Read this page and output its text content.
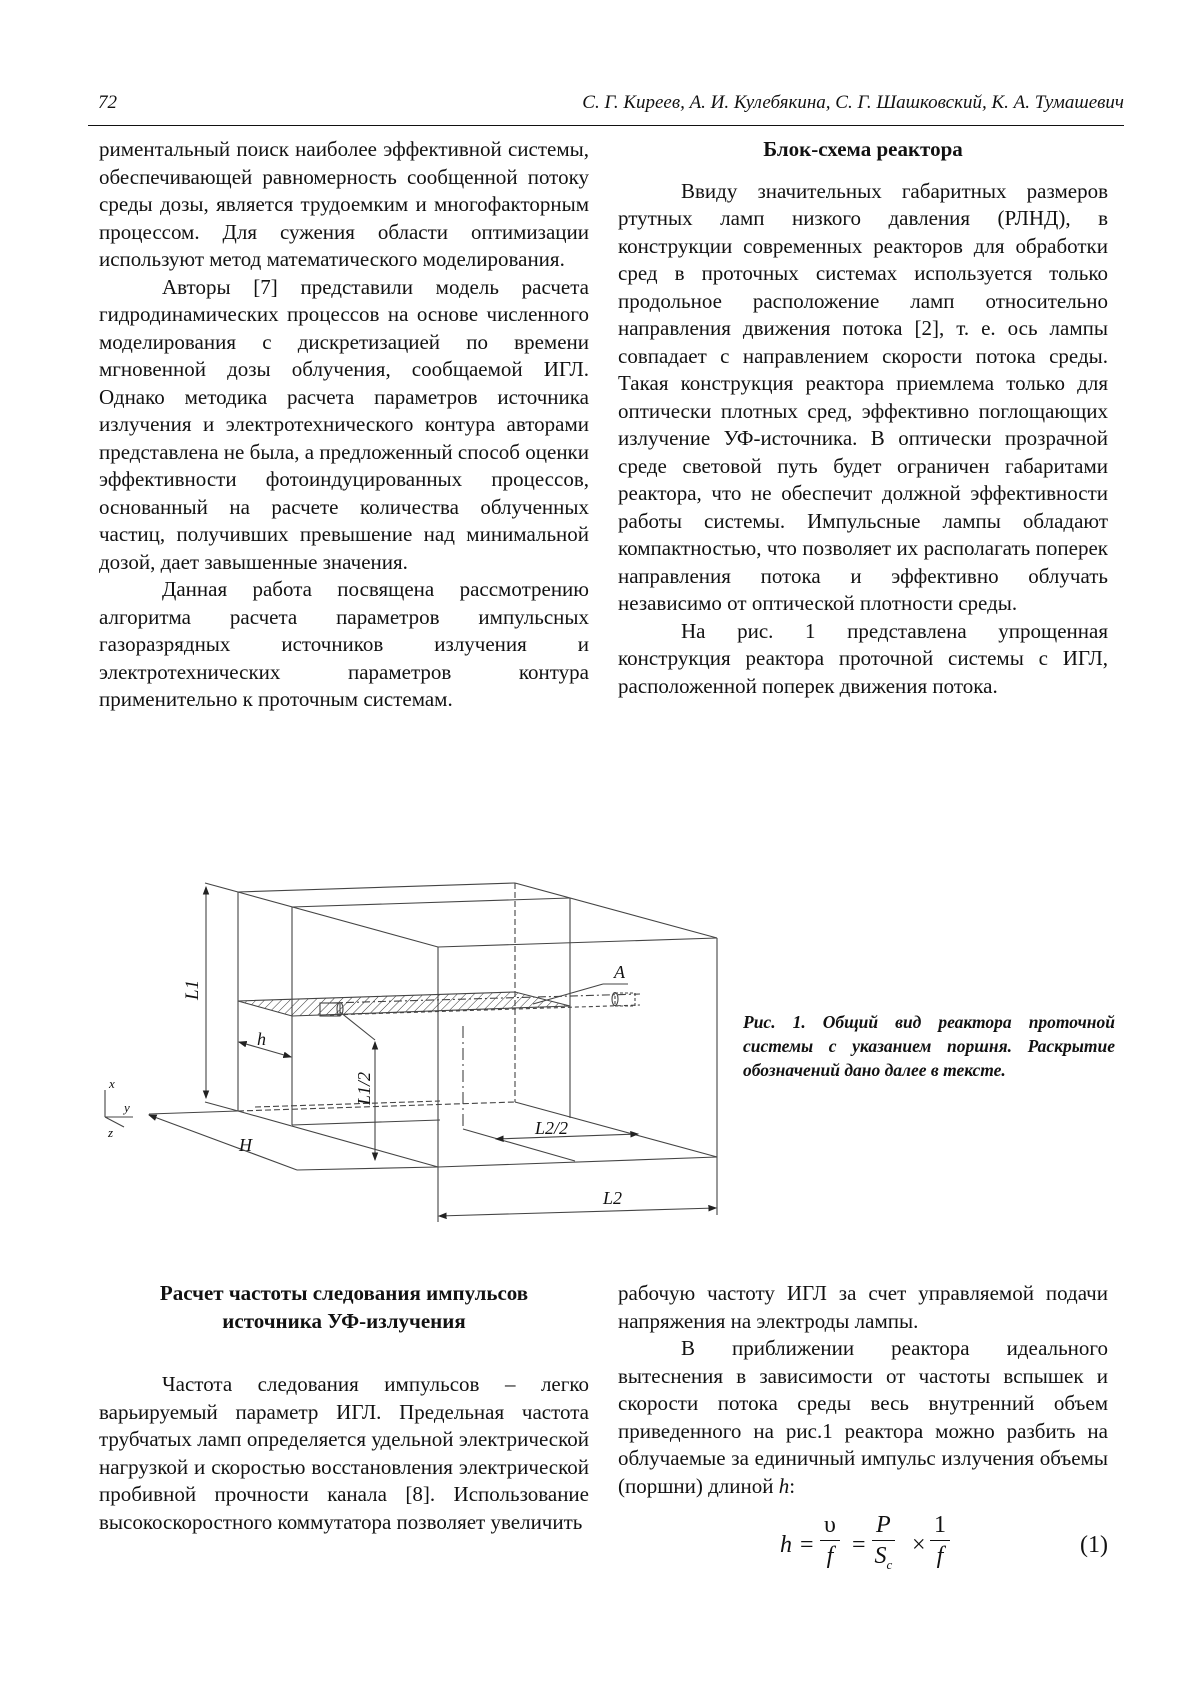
72	С. Г. Киреев, А. И. Кулебякина, С. Г. Шашковский, К. А. Тумашевич

риментальный поиск наиболее эффективной системы, обеспечивающей равномерность сообщенной потоку среды дозы, является трудоемким и многофакторным процессом. Для сужения области оптимизации используют метод математического моделирования.

Авторы [7] представили модель расчета гидродинамических процессов на основе численного моделирования с дискретизацией по времени мгновенной дозы облучения, сообщаемой ИГЛ. Однако методика расчета параметров источника излучения и электротехнического контура авторами представлена не была, а предложенный способ оценки эффективности фотоиндуцированных процессов, основанный на расчете количества облученных частиц, получивших превышение над минимальной дозой, дает завышенные значения.

Данная работа посвящена рассмотрению алгоритма расчета параметров импульсных газоразрядных источников излучения и электротехнических параметров контура применительно к проточным системам.

Блок-схема реактора

Ввиду значительных габаритных размеров ртутных ламп низкого давления (РЛНД), в конструкции современных реакторов для обработки сред в проточных системах используется только продольное расположение ламп относительно направления движения потока [2], т. е. ось лампы совпадает с направлением скорости потока среды. Такая конструкция реактора приемлема только для оптически плотных сред, эффективно поглощающих излучение УФ-источника. В оптически прозрачной среде световой путь будет ограничен габаритами реактора, что не обеспечит должной эффективности работы системы. Импульсные лампы обладают компактностью, что позволяет их располагать поперек направления потока и эффективно облучать независимо от оптической плотности среды.

На рис. 1 представлена упрощенная конструкция реактора проточной системы с ИГЛ, расположенной поперек движения потока.

L1
h
L1/2
A
H
L2/2
L2
x
y
z
Рис. 1. Общий вид реактора проточной системы с указанием поршня. Раскрытие обозначений дано далее в тексте.

Расчет частоты следования импульсов
источника УФ-излучения

Частота следования импульсов – легко варьируемый параметр ИГЛ. Предельная частота трубчатых ламп определяется удельной электрической нагрузкой и скоростью восстановления электрической пробивной прочности канала [8]. Использование высокоскоростного коммутатора позволяет увеличить

рабочую частоту ИГЛ за счет управляемой подачи напряжения на электроды лампы.

В приближении реактора идеального вытеснения в зависимости от частоты вспышек и скорости потока среды весь внутренний объем приведенного на рис.1 реактора можно разбить на облучаемые за единичный импульс излучения объемы (поршни) длиной h:

$h = \frac{\upsilon}{f} = \frac{P}{S_c} \times \frac{1}{f}$	(1)
